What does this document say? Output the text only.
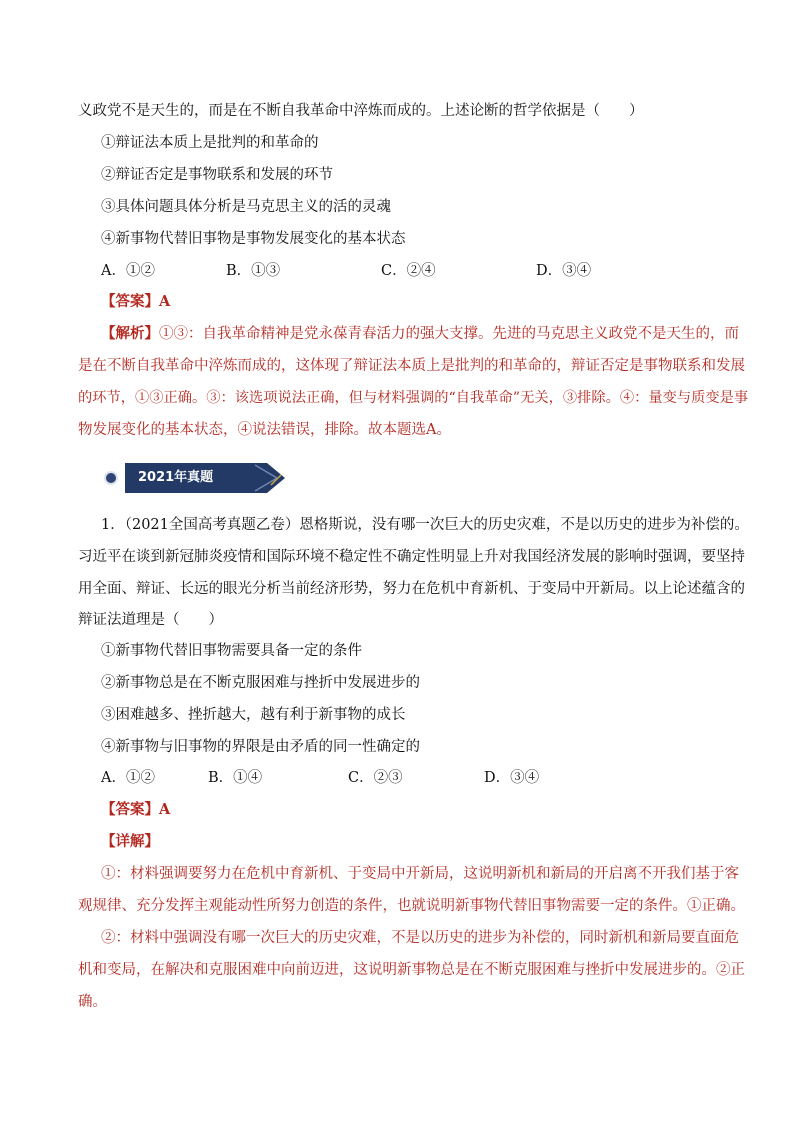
义政党不是天生的，而是在不断自我革命中淬炼而成的。上述论断的哲学依据是（　　）
①辩证法本质上是批判的和革命的
②辩证否定是事物联系和发展的环节
③具体问题具体分析是马克思主义的活的灵魂
④新事物代替旧事物是事物发展变化的基本状态
A．①②	B．①③	C．②④	D．③④
【答案】A
【解析】①③：自我革命精神是党永葆青春活力的强大支撑。先进的马克思主义政党不是天生的，而
是在不断自我革命中淬炼而成的，这体现了辩证法本质上是批判的和革命的，辩证否定是事物联系和发展
的环节，①③正确。③：该选项说法正确，但与材料强调的“自我革命”无关，③排除。④：量变与质变是事
物发展变化的基本状态，④说法错误，排除。故本题选A。
2021年真题
1．（2021全国高考真题乙卷）恩格斯说，没有哪一次巨大的历史灾难，不是以历史的进步为补偿的。
习近平在谈到新冠肺炎疫情和国际环境不稳定性不确定性明显上升对我国经济发展的影响时强调，要坚持
用全面、辩证、长远的眼光分析当前经济形势，努力在危机中育新机、于变局中开新局。以上论述蕴含的
辩证法道理是（　　）
①新事物代替旧事物需要具备一定的条件
②新事物总是在不断克服困难与挫折中发展进步的
③困难越多、挫折越大，越有利于新事物的成长
④新事物与旧事物的界限是由矛盾的同一性确定的
A．①②	B．①④	C．②③	D．③④
【答案】A
【详解】
①：材料强调要努力在危机中育新机、于变局中开新局，这说明新机和新局的开启离不开我们基于客
观规律、充分发挥主观能动性所努力创造的条件，也就说明新事物代替旧事物需要一定的条件。①正确。
②：材料中强调没有哪一次巨大的历史灾难，不是以历史的进步为补偿的，同时新机和新局要直面危
机和变局，在解决和克服困难中向前迈进，这说明新事物总是在不断克服困难与挫折中发展进步的。②正
确。
